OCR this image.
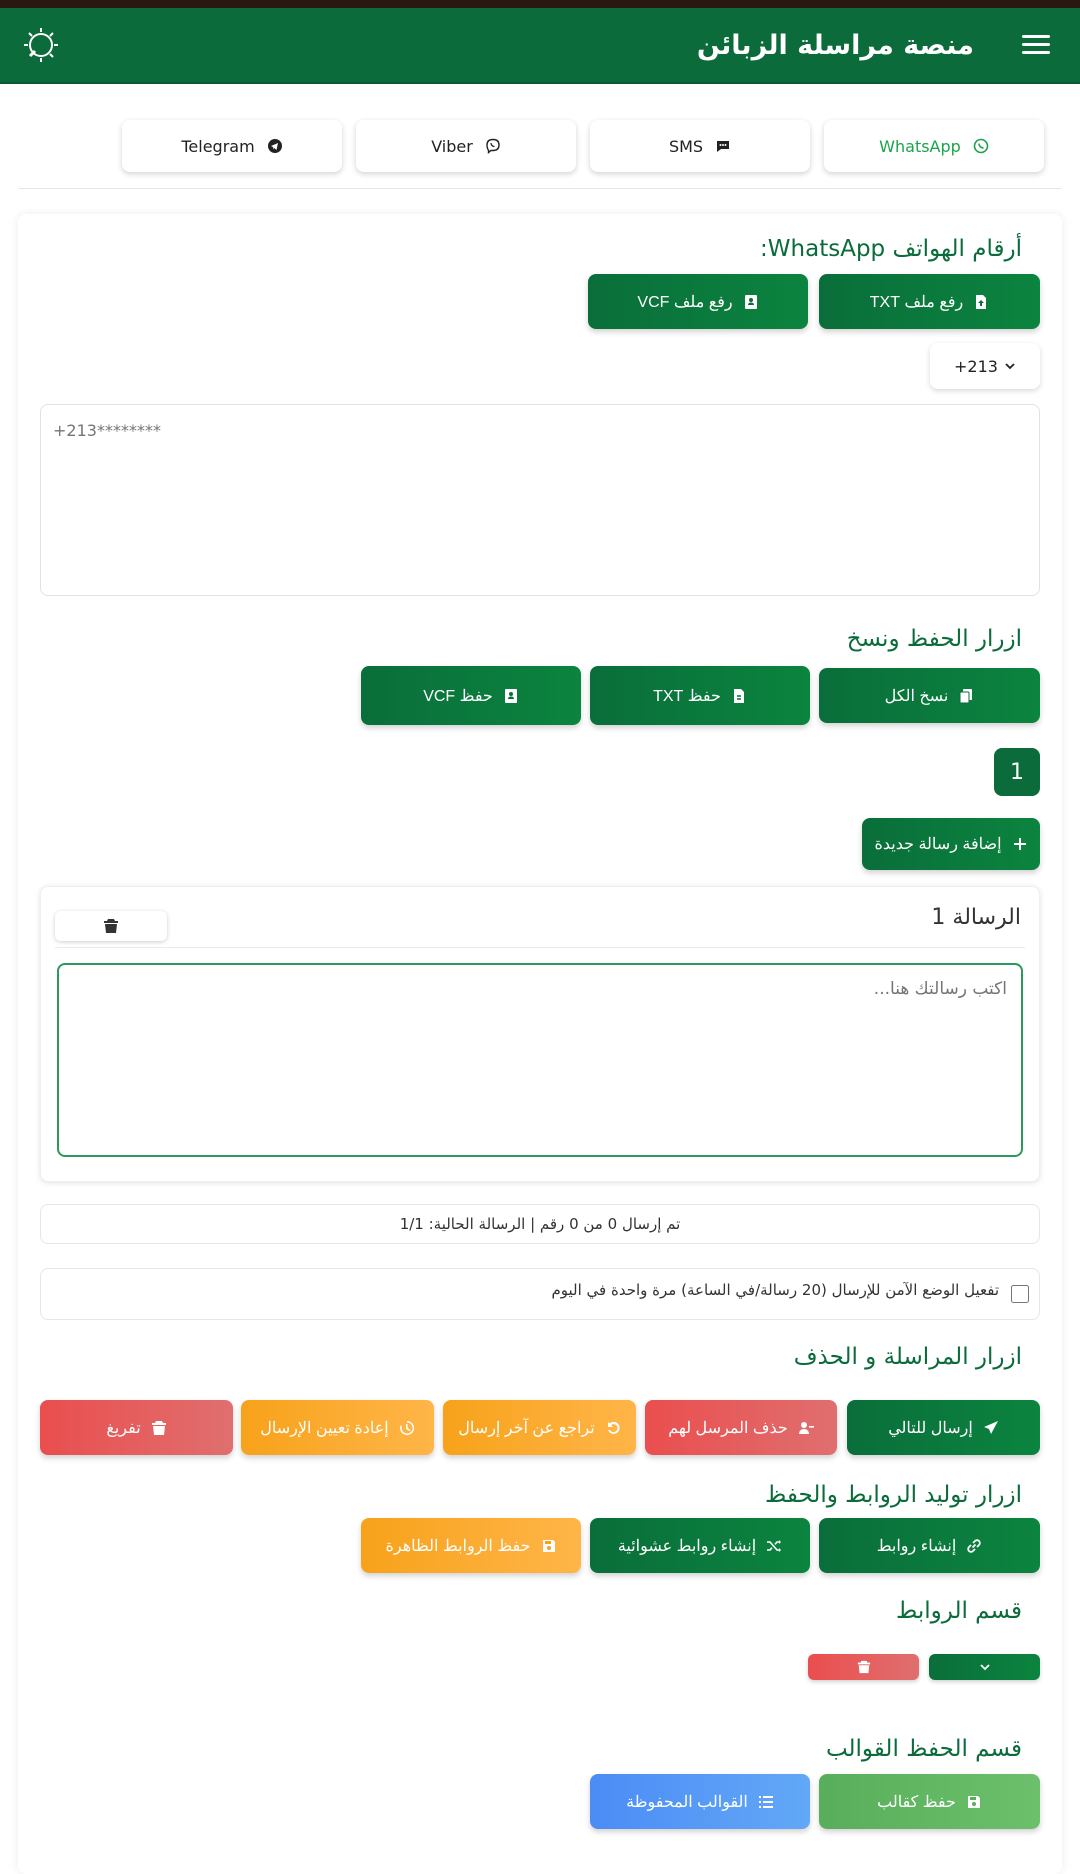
منصة مراسلة الزبائن
WhatsApp
SMS
Viber
Telegram
أرقام الهواتف WhatsApp:
رفع ملف TXT
رفع ملف VCF
+213
+213********
ازرار الحفظ ونسخ
نسخ الكل
حفظ TXT
حفظ VCF
1
إضافة رسالة جديدة
الرسالة 1
اكتب رسالتك هنا...
تم إرسال 0 من 0 رقم | الرسالة الحالية: 1/1
تفعيل الوضع الآمن للإرسال (20 رسالة/في الساعة) مرة واحدة في اليوم
ازرار المراسلة و الحذف
إرسال للتالي
حذف المرسل لهم
تراجع عن آخر إرسال
إعادة تعيين الإرسال
تفريغ
ازرار توليد الروابط والحفظ
إنشاء روابط
إنشاء روابط عشوائية
حفظ الروابط الظاهرة
قسم الروابط
قسم الحفظ القوالب
حفظ كقالب
القوالب المحفوظة
